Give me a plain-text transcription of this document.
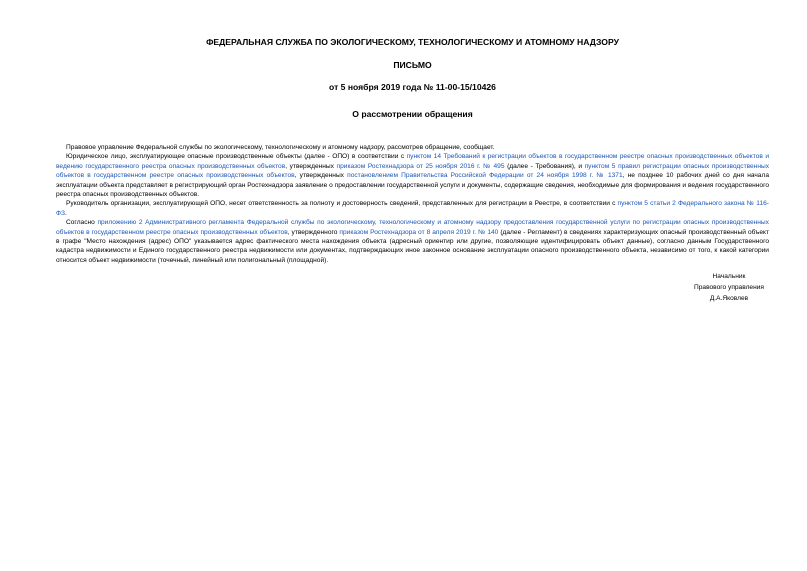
ФЕДЕРАЛЬНАЯ СЛУЖБА ПО ЭКОЛОГИЧЕСКОМУ, ТЕХНОЛОГИЧЕСКОМУ И АТОМНОМУ НАДЗОРУ

ПИСЬМО

от 5 ноября 2019 года № 11-00-15/10426

О рассмотрении обращения

Правовое управление Федеральной службы по экологическому, технологическому и атомному надзору, рассмотрев обращение, сообщает.

Юридическое лицо, эксплуатирующее опасные производственные объекты (далее - ОПО) в соответствии с пунктом 14 Требований к регистрации объектов в государственном реестре опасных производственных объектов и ведению государственного реестра опасных производственных объектов, утвержденных приказом Ростехнадзора от 25 ноября 2016 г. № 495 (далее - Требования), и пунктом 5 правил регистрации опасных производственных объектов в государственном реестре опасных производственных объектов, утвержденных постановлением Правительства Российской Федерации от 24 ноября 1998 г. № 1371, не позднее 10 рабочих дней со дня начала эксплуатации объекта представляет в регистрирующий орган Ростехнадзора заявление о предоставлении государственной услуги и документы, содержащие сведения, необходимые для формирования и ведения государственного реестра опасных производственных объектов.

Руководитель организации, эксплуатирующей ОПО, несет ответственность за полноту и достоверность сведений, представленных для регистрации в Реестре, в соответствии с пунктом 5 статьи 2 Федерального закона № 116-ФЗ.

Согласно приложению 2 Административного регламента Федеральной службы по экологическому, технологическому и атомному надзору предоставления государственной услуги по регистрации опасных производственных объектов в государственном реестре опасных производственных объектов, утвержденного приказом Ростехнадзора от 8 апреля 2019 г. № 140 (далее - Регламент) в сведениях характеризующих опасный производственный объект в графе "Место нахождения (адрес) ОПО" указывается адрес фактического места нахождения объекта (адресный ориентир или другие, позволяющие идентифицировать объект данные), согласно данным Государственного кадастра недвижимости и Единого государственного реестра недвижимости или документах, подтверждающих иное законное основание эксплуатации опасного производственного объекта, независимо от того, к какой категории относится объект недвижимости (точечный, линейный или полигональный (площадной).

Начальник
Правового управления
Д.А.Яковлев
